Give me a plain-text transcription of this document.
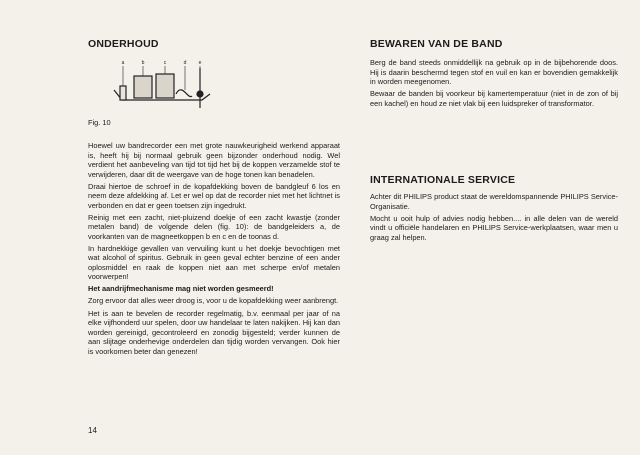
ONDERHOUD
a	b	c	d e
Fig. 10

Hoewel uw bandrecorder een met grote nauwkeurigheid werkend apparaat is, heeft hij bij normaal gebruik geen bijzonder onderhoud nodig. Wel verdient het aanbeveling van tijd tot tijd het bij de koppen verzamelde stof te verwijderen, daar dit de weergave van de hoge tonen kan benadelen.

Draai hiertoe de schroef in de kopafdekking boven de bandgleuf 6 los en neem deze afdekking af. Let er wel op dat de recorder niet met het lichtnet is verbonden en dat er geen toetsen zijn ingedrukt.

Reinig met een zacht, niet-pluizend doekje of een zacht kwastje (zonder metalen band) de volgende delen (fig. 10): de bandgeleiders a, de voorkanten van de magneetkoppen b en c en de toonas d.

In hardnekkige gevallen van vervuiling kunt u het doekje bevochtigen met wat alcohol of spiritus. Gebruik in geen geval echter benzine of een ander oplosmiddel en raak de koppen niet aan met scherpe en/of metalen voorwerpen!

Het aandrijfmechanisme mag niet worden gesmeerd!

Zorg ervoor dat alles weer droog is, voor u de kopafdekking weer aanbrengt.

Het is aan te bevelen de recorder regelmatig, b.v. eenmaal per jaar of na elke vijfhonderd uur spelen, door uw handelaar te laten nakijken. Hij kan dan worden gereinigd, gecontroleerd en zonodig bijgesteld; verder kunnen de aan slijtage onderhevige onderdelen dan tijdig worden vervangen. Ook hier is voorkomen beter dan genezen!

14
BEWAREN VAN DE BAND

Berg de band steeds onmiddellijk na gebruik op in de bijbehorende doos. Hij is daarin beschermd tegen stof en vuil en kan er bovendien gemakkelijk in worden meegenomen.

Bewaar de banden bij voorkeur bij kamertemperatuur (niet in de zon of bij een kachel) en houd ze niet vlak bij een luidspreker of transformator.

INTERNATIONALE SERVICE

Achter dit PHILIPS product staat de wereldomspannende PHILIPS Service-Organisatie.

Mocht u ooit hulp of advies nodig hebben.... in alle delen van de wereld vindt u officiële handelaren en PHILIPS Service-werkplaatsen, waar men u graag zal helpen.
